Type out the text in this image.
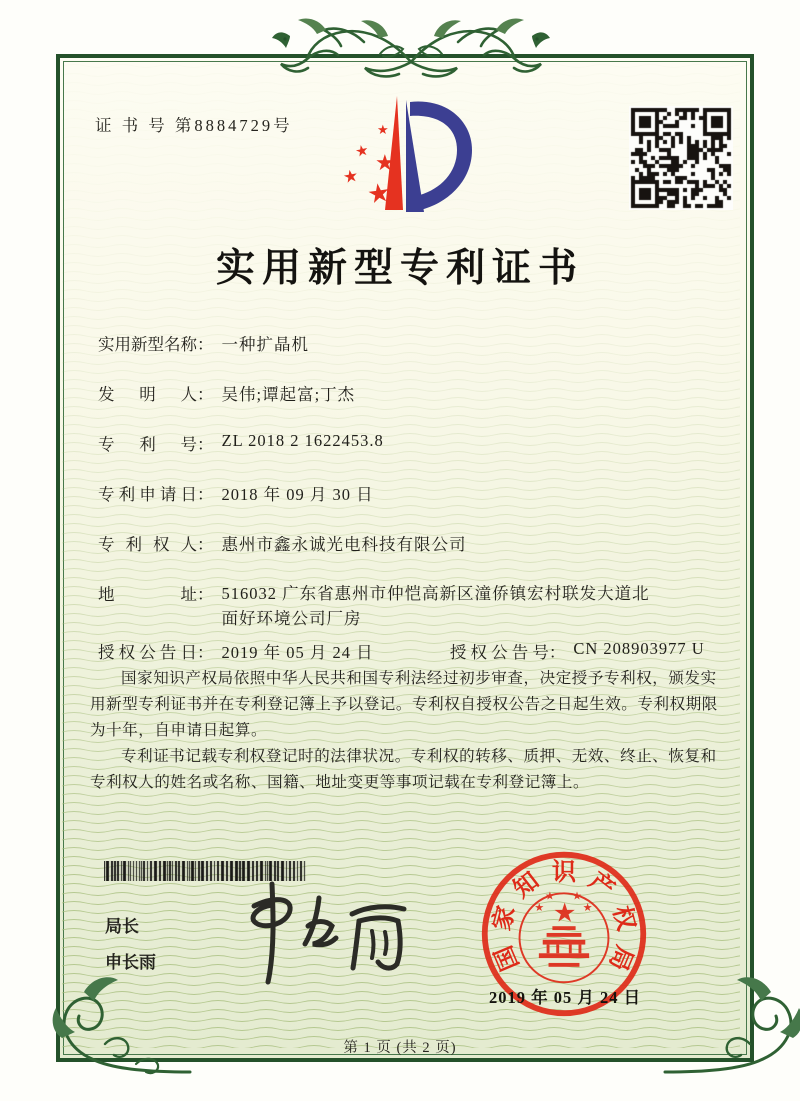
证 书 号 第8884729号	★
★
★
★
★
实用新型专利证书
实用新型名称： 一种扩晶机
发明人： 吴伟;谭起富;丁杰
专利号： ZL 2018 2 1622453.8
专利申请日： 2018 年 09 月 30 日
专利权人： 惠州市鑫永诚光电科技有限公司
地址： 516032 广东省惠州市仲恺高新区潼侨镇宏村联发大道北面好环境公司厂房
授权公告日： 2019 年 05 月 24 日	授权公告号： CN 208903977 U

国家知识产权局依照中华人民共和国专利法经过初步审查，决定授予专利权，颁发实用新型专利证书并在专利登记簿上予以登记。专利权自授权公告之日起生效。专利权期限为十年，自申请日起算。

专利证书记载专利权登记时的法律状况。专利权的转移、质押、无效、终止、恢复和专利权人的姓名或名称、国籍、地址变更等事项记载在专利登记簿上。

局长
申长雨
★
★
★ ★
★
国
家
知 识 产
权
局
2019 年 05 月 24 日
第 1 页 (共 2 页)
